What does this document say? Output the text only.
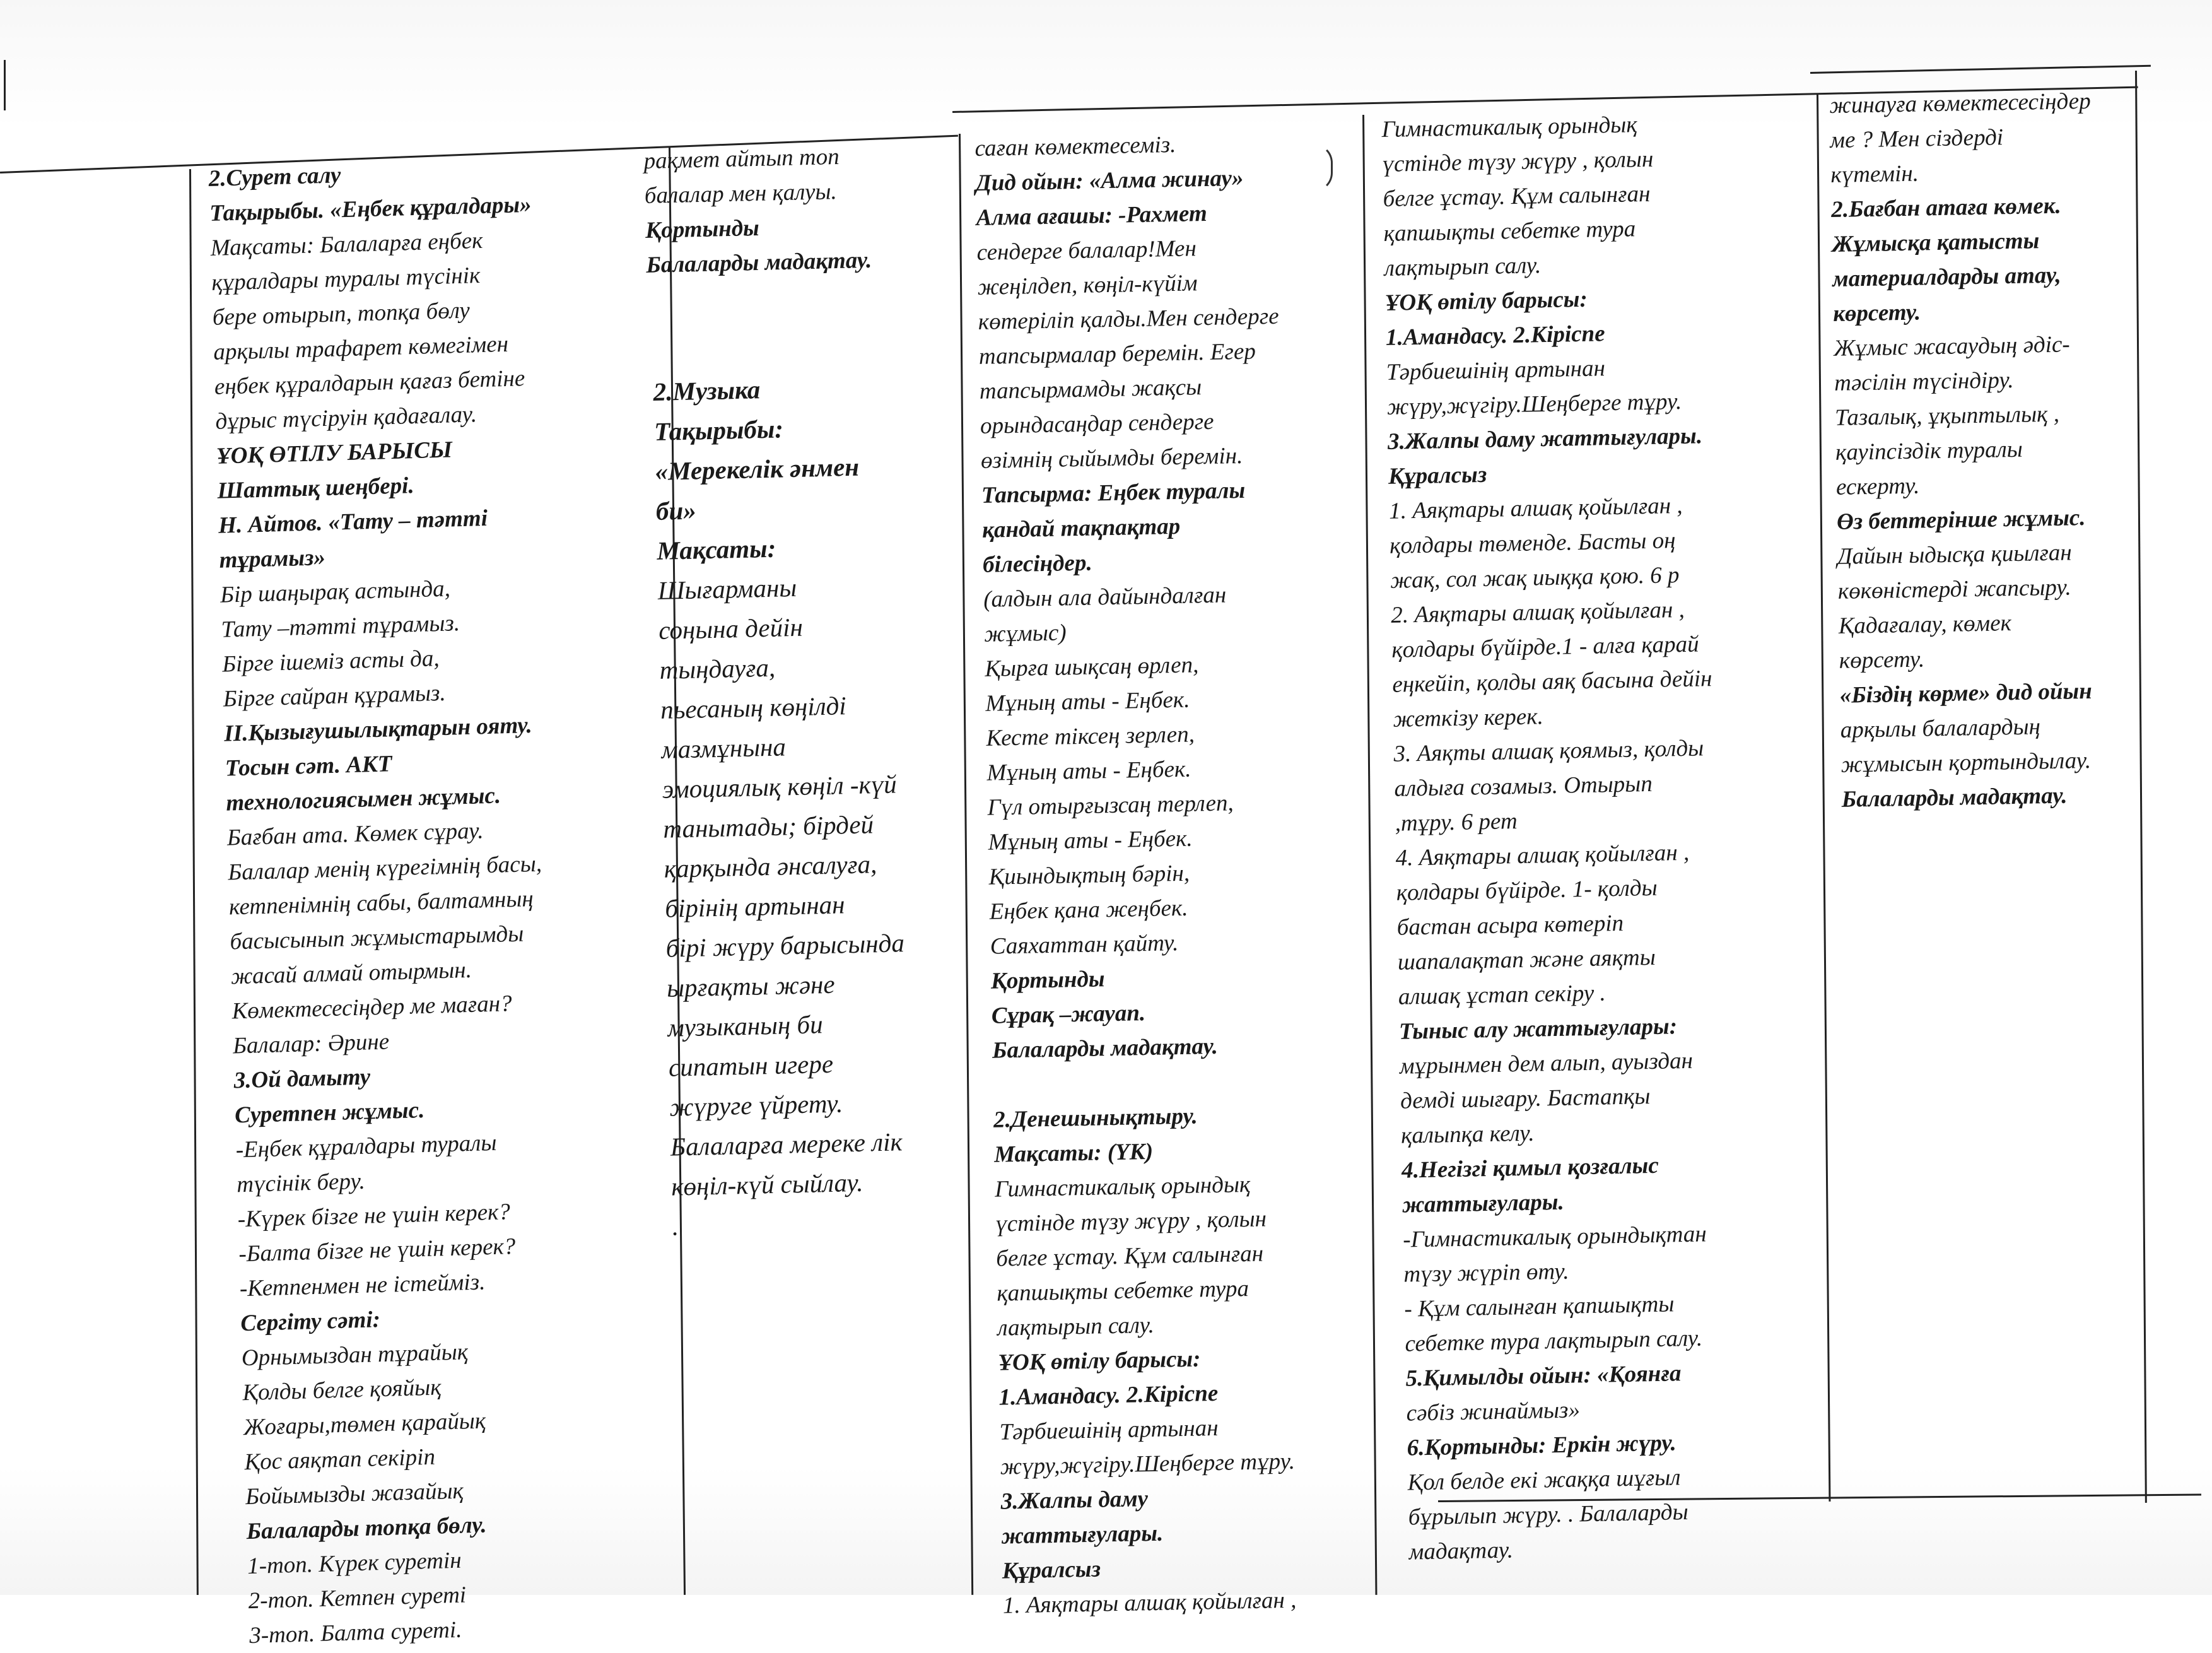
2.Сурет салу

Тақырыбы. «Еңбек құралдары»

Мақсаты: Балаларға еңбек

құралдары туралы түсінік

бере отырып, топқа бөлу

арқылы трафарет көмегімен

еңбек құралдарын қағаз бетіне

дұрыс түсіруін қадағалау.

ҰОҚ ӨТІЛУ БАРЫСЫ

Шаттық шеңбері.

Н. Айтов. «Тату – тәтті

тұрамыз»

Бір шаңырақ астында,

Тату –тәтті тұрамыз.

Бірге ішеміз асты да,

Бірге сайран құрамыз.

ІІ.Қызығушылықтарын ояту.

Тосын сәт. АКТ

технологиясымен жұмыс.

Бағбан ата. Көмек сұрау.

Балалар менің күрегімнің басы,

кетпенімнің сабы, балтамның

басысынып жұмыстарымды

жасай алмай отырмын.

Көмектесесіңдер ме маған?

Балалар: Әрине

3.Ой дамыту

Суретпен жұмыс.

-Еңбек құралдары туралы

түсінік беру.

-Күрек бізге не үшін керек?

-Балта бізге не үшін керек?

-Кетпенмен не істейміз.

Сергіту сәті:

Орнымыздан тұрайық

Қолды белге қояйық

Жоғары,төмен қарайық

Қос аяқтап секіріп

Бойымызды жазайық

Балаларды топқа бөлу.

1-топ. Күрек суретін

2-топ. Кетпен суреті

3-топ. Балта суреті.

рақмет айтып топ

балалар мен қалуы.

Қортынды

Балаларды мадақтау.

2.Музыка

Тақырыбы:

«Мерекелік әнмен

би»

Мақсаты:

Шығарманы

соңына дейін

тыңдауға,

пьесаның көңілді

мазмұнына

эмоциялық көңіл -күй

танытады; бірдей

қарқында әнсалуға,

бірінің артынан

бірі жүру барысында

ырғақты жәнe

музыканың би

сипатын игере

жүруге үйрету.

Балаларға мереке лік

көңіл-күй сыйлау.

.

саған көмектесеміз.

Дид ойын: «Алма жинау»

Алма ағашы: -Рахмет

сендерге балалар!Мен

жеңілдеп, көңіл-күйім

көтеріліп қалды.Мен сендерге

тапсырмалар беремін. Егер

тапсырмамды жақсы

орындасаңдар сендерге

өзімнің сыйымды беремін.

Тапсырма: Еңбек туралы

қандай тақпақтар

білесіңдер.

(алдын ала дайындалған

жұмыс)

Қырға шықсаң өрлеп,

Мұның аты - Еңбек.

Кесте тіксең зерлеп,

Мұның аты - Еңбек.

Гүл отырғызсаң терлеп,

Мұның аты - Еңбек.

Қиындықтың бәрін,

Еңбек қана жеңбек.

Саяхаттан қайту.

Қортынды

Сұрақ –жауап.

Балаларды мадақтау.

2.Денешынықтыру.

Мақсаты: (ҮК)

Гимнастикалық орындық

үстінде түзу жүру , қолын

белге ұстау. Құм салынған

қапшықты себетке тура

лақтырып салу.

ҰОҚ өтілу барысы:

1.Амандасу. 2.Кіріспе

Тәрбиешінің артынан

жүру,жүгіру.Шеңберге тұру.

3.Жалпы даму

жаттығулары.

Құралсыз

1. Аяқтары алшақ қойылған ,

Гимнастикалық орындық

үстінде түзу жүру , қолын

белге ұстау. Құм салынған

қапшықты себетке тура

лақтырып салу.

ҰОҚ өтілу барысы:

1.Амандасу. 2.Кіріспе

Тәрбиешінің артынан

жүру,жүгіру.Шеңберге тұру.

3.Жалпы даму жаттығулары.

Құралсыз

1. Аяқтары алшақ қойылған ,

қолдары төменде. Басты оң

жақ, сол жақ иыққа қою. 6 р

2. Аяқтары алшақ қойылған ,

қолдары бүйірде.1 - алға қарай

еңкейіп, қолды аяқ басына дейін

жеткізу керек.

3. Аяқты алшақ қоямыз, қолды

алдыға созамыз. Отырып

,тұру. 6 рет

4. Аяқтары алшақ қойылған ,

қолдары бүйірде. 1- қолды

бастан асыра көтеріп

шапалақтап және аяқты

алшақ ұстап секіру .

Тыныс алу жаттығулары:

мұрынмен дем алып, ауыздан

демді шығару. Бастапқы

қалыпқа келу.

4.Негізгі қимыл қозғалыс

жаттығулары.

-Гимнастикалық орындықтан

түзу жүріп өту.

- Құм салынған қапшықты

себетке тура лақтырып салу.

5.Қимылды ойын: «Қоянға

сәбіз жинаймыз»

6.Қортынды: Еркін жүру.

Қол белде екі жаққа шұғыл

бұрылып жүру. . Балаларды

мадақтау.

жинауға көмектесесіңдер

ме ? Мен сіздерді

күтемін.

2.Бағбан атаға көмек.

Жұмысқа қатысты

материалдарды атау,

көрсету.

Жұмыс жасаудың әдіс-

тәсілін түсіндіру.

Тазалық, ұқыптылық ,

қауіпсіздік туралы

ескерту.

Өз беттерінше жұмыс.

Дайын ыдысқа қиылған

көкөністерді жапсыру.

Қадағалау, көмек

көрсету.

«Біздің көрме» дид ойын

арқылы балалардың

жұмысын қортындылау.

Балаларды мадақтау.
